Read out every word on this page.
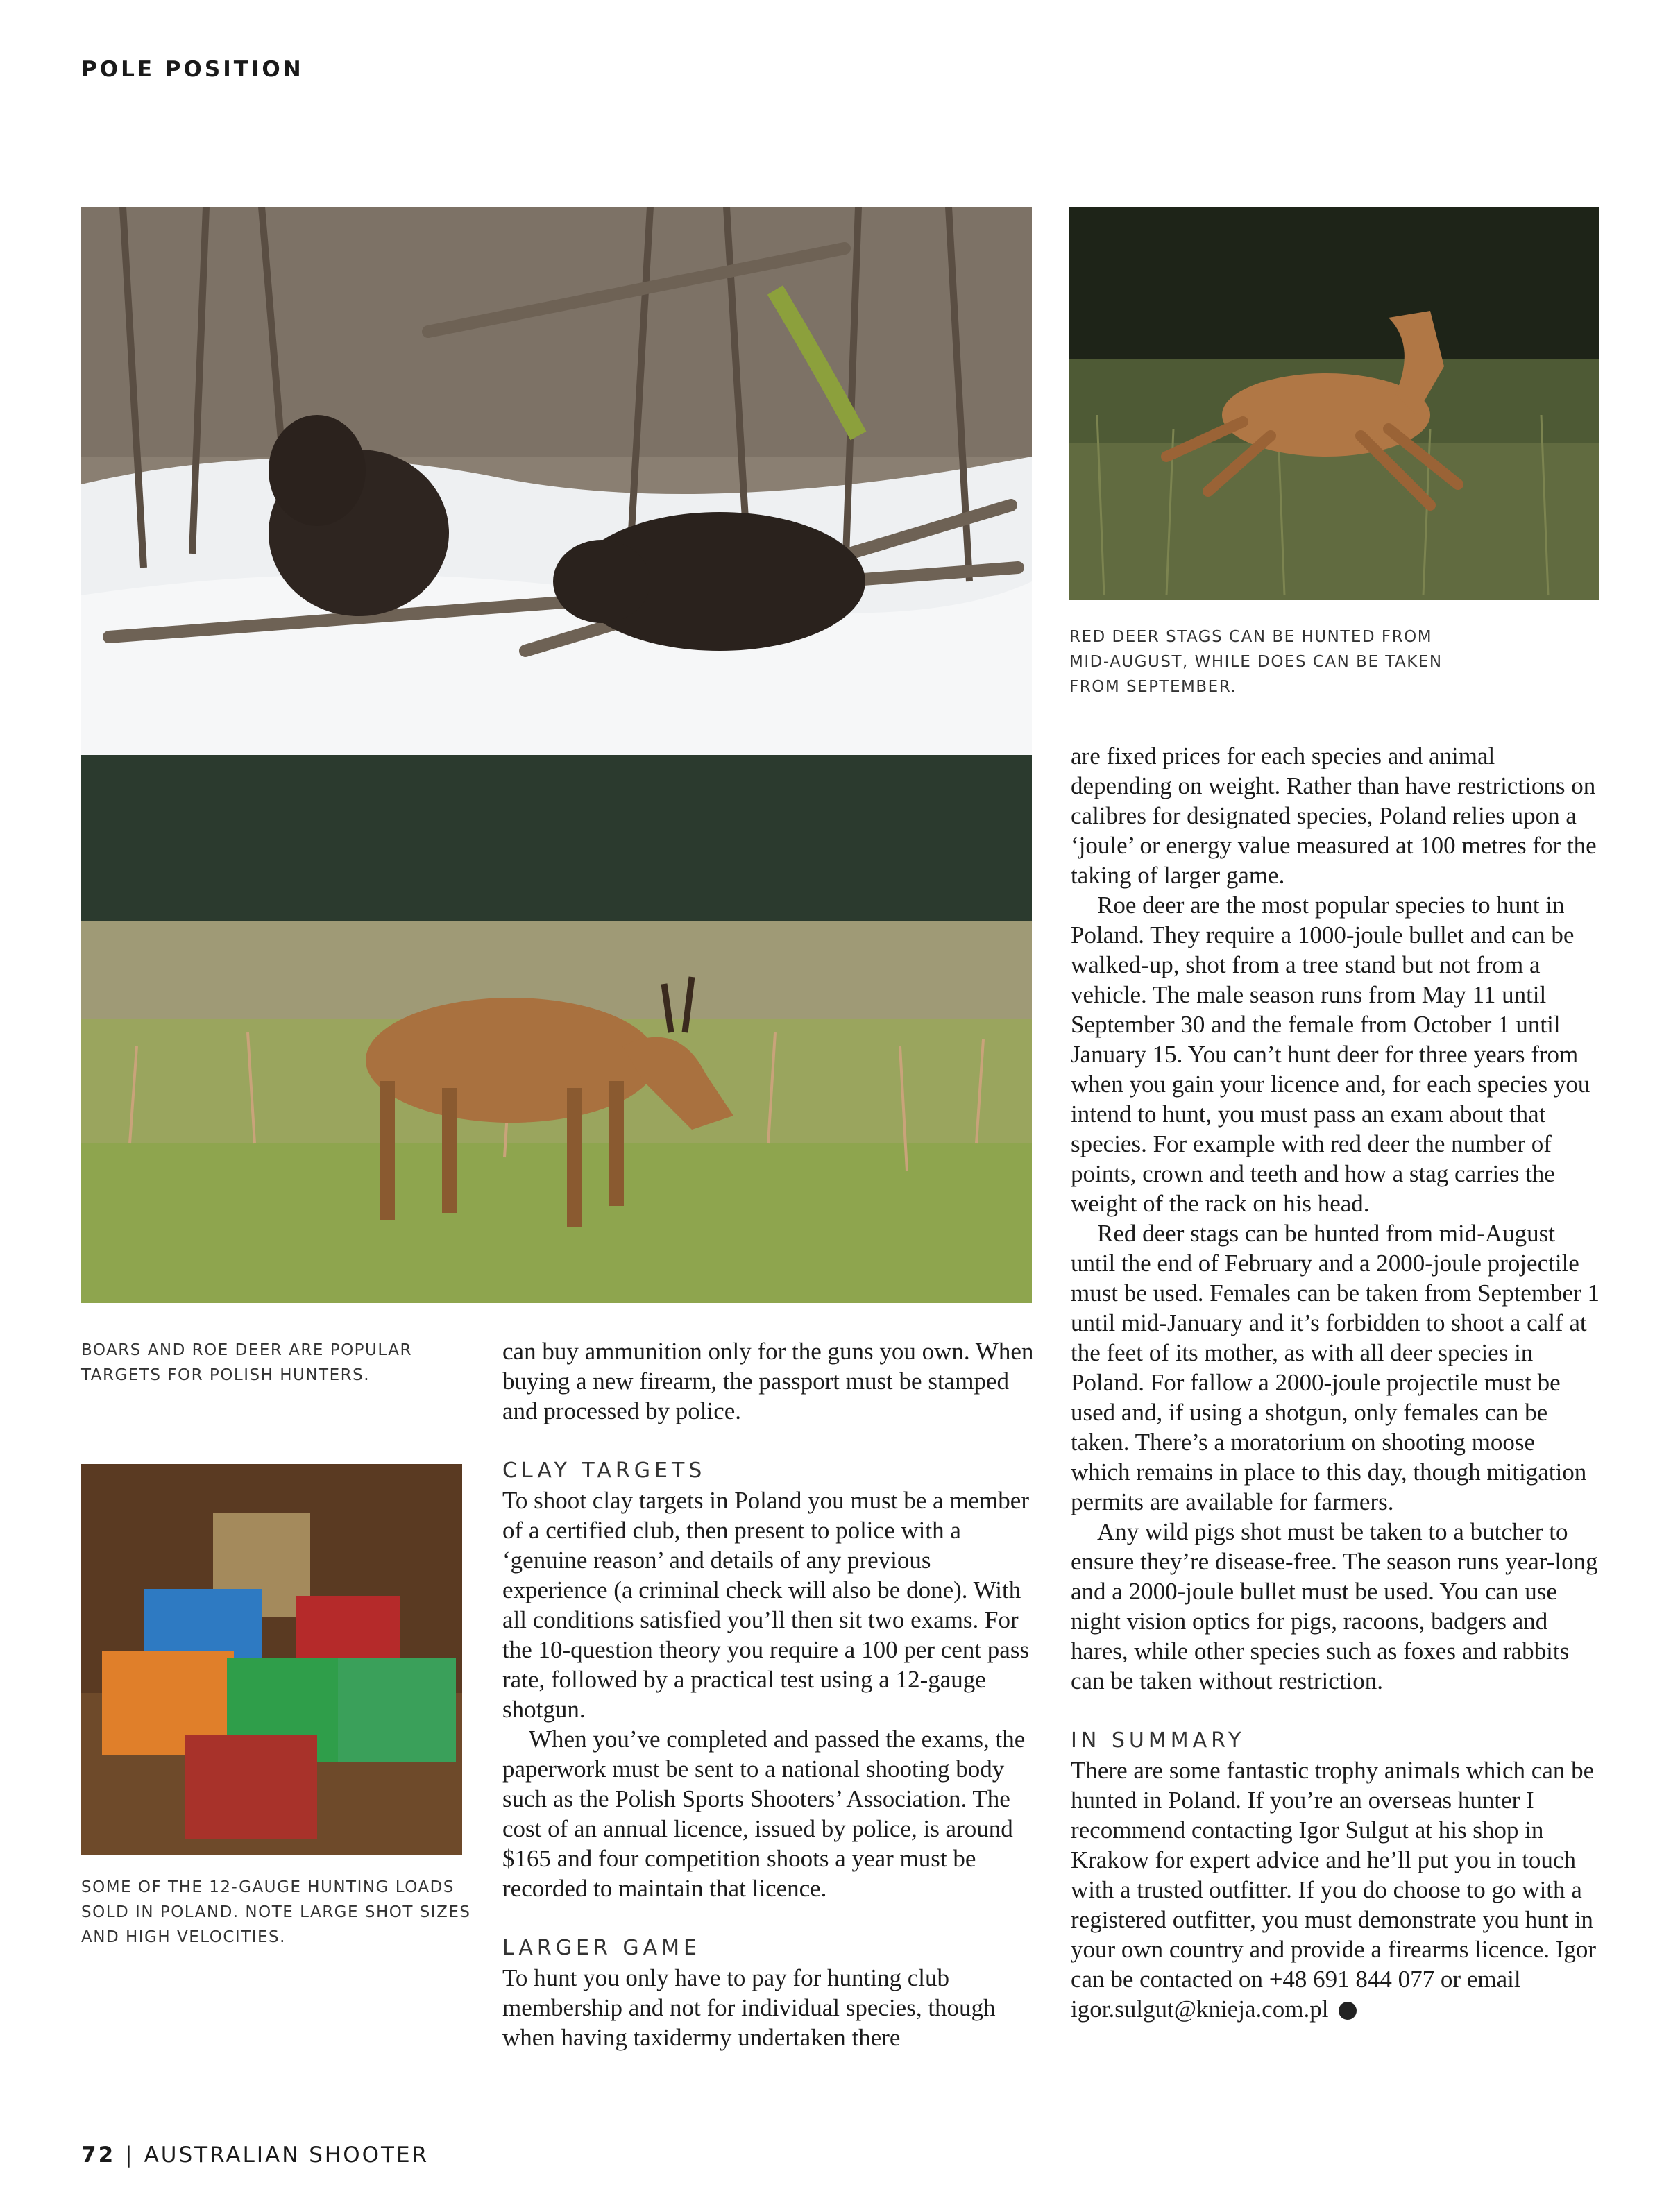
POLE POSITION
RED DEER STAGS CAN BE HUNTED FROM MID-AUGUST, WHILE DOES CAN BE TAKEN FROM SEPTEMBER.
BOARS AND ROE DEER ARE POPULAR TARGETS FOR POLISH HUNTERS.
SOME OF THE 12-GAUGE HUNTING LOADS SOLD IN POLAND. NOTE LARGE SHOT SIZES AND HIGH VELOCITIES.

can buy ammunition only for the guns you own. When buying a new firearm, the passport must be stamped and processed by police.

CLAY TARGETS

To shoot clay targets in Poland you must be a member of a certified club, then present to police with a ‘genuine reason’ and details of any previous experience (a criminal check will also be done). With all conditions satisfied you’ll then sit two exams. For the 10-question theory you require a 100 per cent pass rate, followed by a practical test using a 12-gauge shotgun.

When you’ve completed and passed the exams, the paperwork must be sent to a national shooting body such as the Polish Sports Shooters’ Association. The cost of an annual licence, issued by police, is around $165 and four competition shoots a year must be recorded to maintain that licence.

LARGER GAME

To hunt you only have to pay for hunting club membership and not for individual species, though when having taxidermy undertaken there

are fixed prices for each species and animal depending on weight. Rather than have restrictions on calibres for designated species, Poland relies upon a ‘joule’ or energy value measured at 100 metres for the taking of larger game.

Roe deer are the most popular species to hunt in Poland. They require a 1000-joule bullet and can be walked-up, shot from a tree stand but not from a vehicle. The male season runs from May 11 until September 30 and the female from October 1 until January 15. You can’t hunt deer for three years from when you gain your licence and, for each species you intend to hunt, you must pass an exam about that species. For example with red deer the number of points, crown and teeth and how a stag carries the weight of the rack on his head.

Red deer stags can be hunted from mid-August until the end of February and a 2000-joule projectile must be used. Females can be taken from September 1 until mid-January and it’s forbidden to shoot a calf at the feet of its mother, as with all deer species in Poland. For fallow a 2000-joule projectile must be used and, if using a shotgun, only females can be taken. There’s a moratorium on shooting moose which remains in place to this day, though mitigation permits are available for farmers.

Any wild pigs shot must be taken to a butcher to ensure they’re disease-free. The season runs year-long and a 2000-joule bullet must be used. You can use night vision optics for pigs, racoons, badgers and hares, while other species such as foxes and rabbits can be taken without restriction.

IN SUMMARY

There are some fantastic trophy animals which can be hunted in Poland. If you’re an overseas hunter I recommend contacting Igor Sulgut at his shop in Krakow for expert advice and he’ll put you in touch with a trusted outfitter. If you do choose to go with a registered outfitter, you must demonstrate you hunt in your own country and provide a firearms licence. Igor can be contacted on +48 691 844 077 or email igor.sulgut@knieja.com.pl

72 | AUSTRALIAN SHOOTER
